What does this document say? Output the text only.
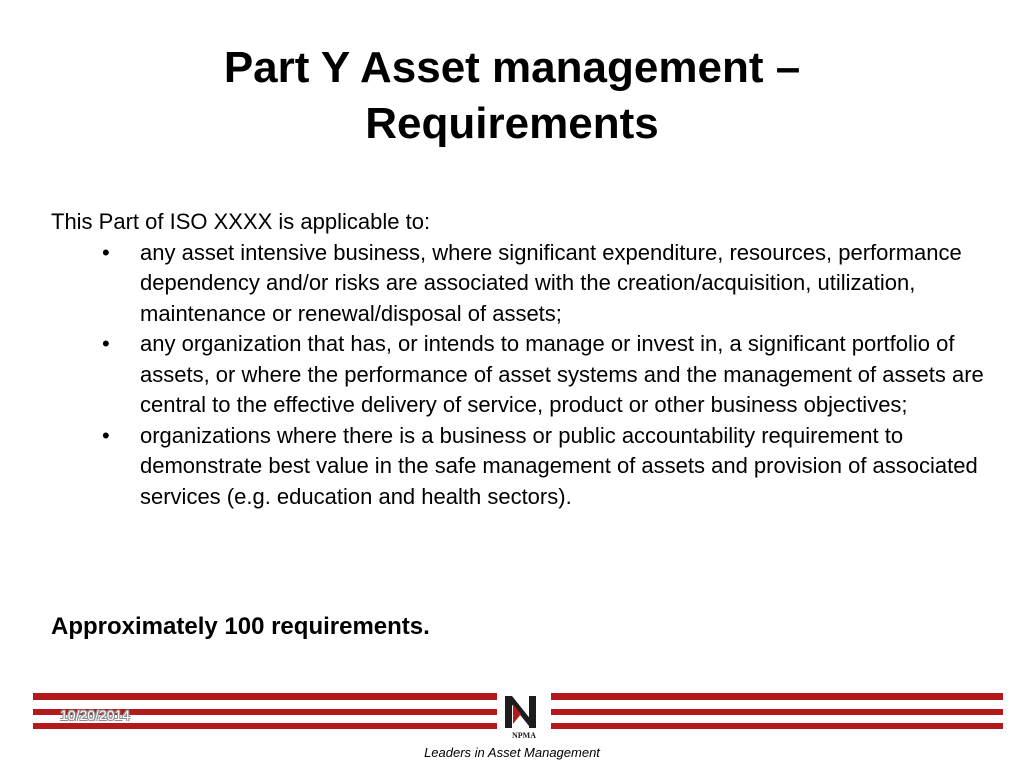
Part Y Asset management –
Requirements

This Part of ISO XXXX is applicable to:

• any asset intensive business, where significant expenditure, resources, performance dependency and/or risks are associated with the creation/acquisition, utilization, maintenance or renewal/disposal of assets;
• any organization that has, or intends to manage or invest in, a significant portfolio of assets, or where the performance of asset systems and the management of assets are central to the effective delivery of service, product or other business objectives;
• organizations where there is a business or public accountability requirement to demonstrate best value in the safe management of assets and provision of associated services (e.g. education and health sectors).
Approximately 100 requirements.
10/20/2014
NPMA
Leaders in Asset Management
